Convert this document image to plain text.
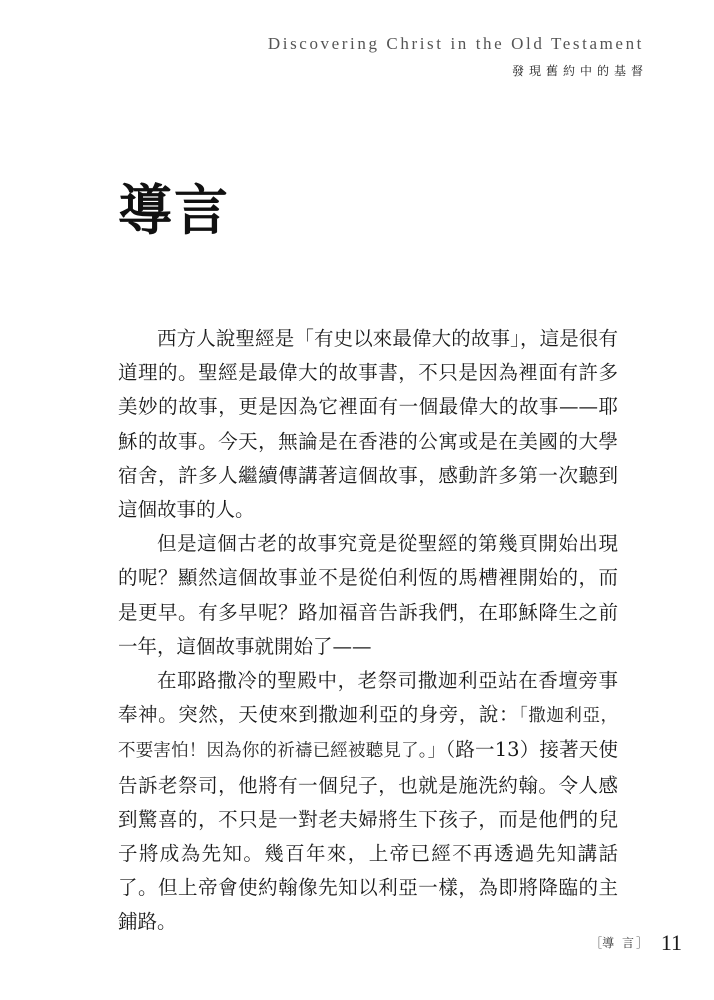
Discovering Christ in the Old Testament
發現舊約中的基督
導言

西方人說聖經是「有史以來最偉大的故事」，這是很有道理的。聖經是最偉大的故事書，不只是因為裡面有許多美妙的故事，更是因為它裡面有一個最偉大的故事——耶穌的故事。今天，無論是在香港的公寓或是在美國的大學宿舍，許多人繼續傳講著這個故事，感動許多第一次聽到這個故事的人。

但是這個古老的故事究竟是從聖經的第幾頁開始出現的呢？顯然這個故事並不是從伯利恆的馬槽裡開始的，而是更早。有多早呢？路加福音告訴我們，在耶穌降生之前一年，這個故事就開始了——

在耶路撒冷的聖殿中，老祭司撒迦利亞站在香壇旁事奉神。突然，天使來到撒迦利亞的身旁，說：「撒迦利亞，不要害怕！因為你的祈禱已經被聽見了。」（路一13）接著天使告訴老祭司，他將有一個兒子，也就是施洗約翰。令人感到驚喜的，不只是一對老夫婦將生下孩子，而是他們的兒子將成為先知。幾百年來，上帝已經不再透過先知講話了。但上帝會使約翰像先知以利亞一樣，為即將降臨的主鋪路。

［導 言］ 11
